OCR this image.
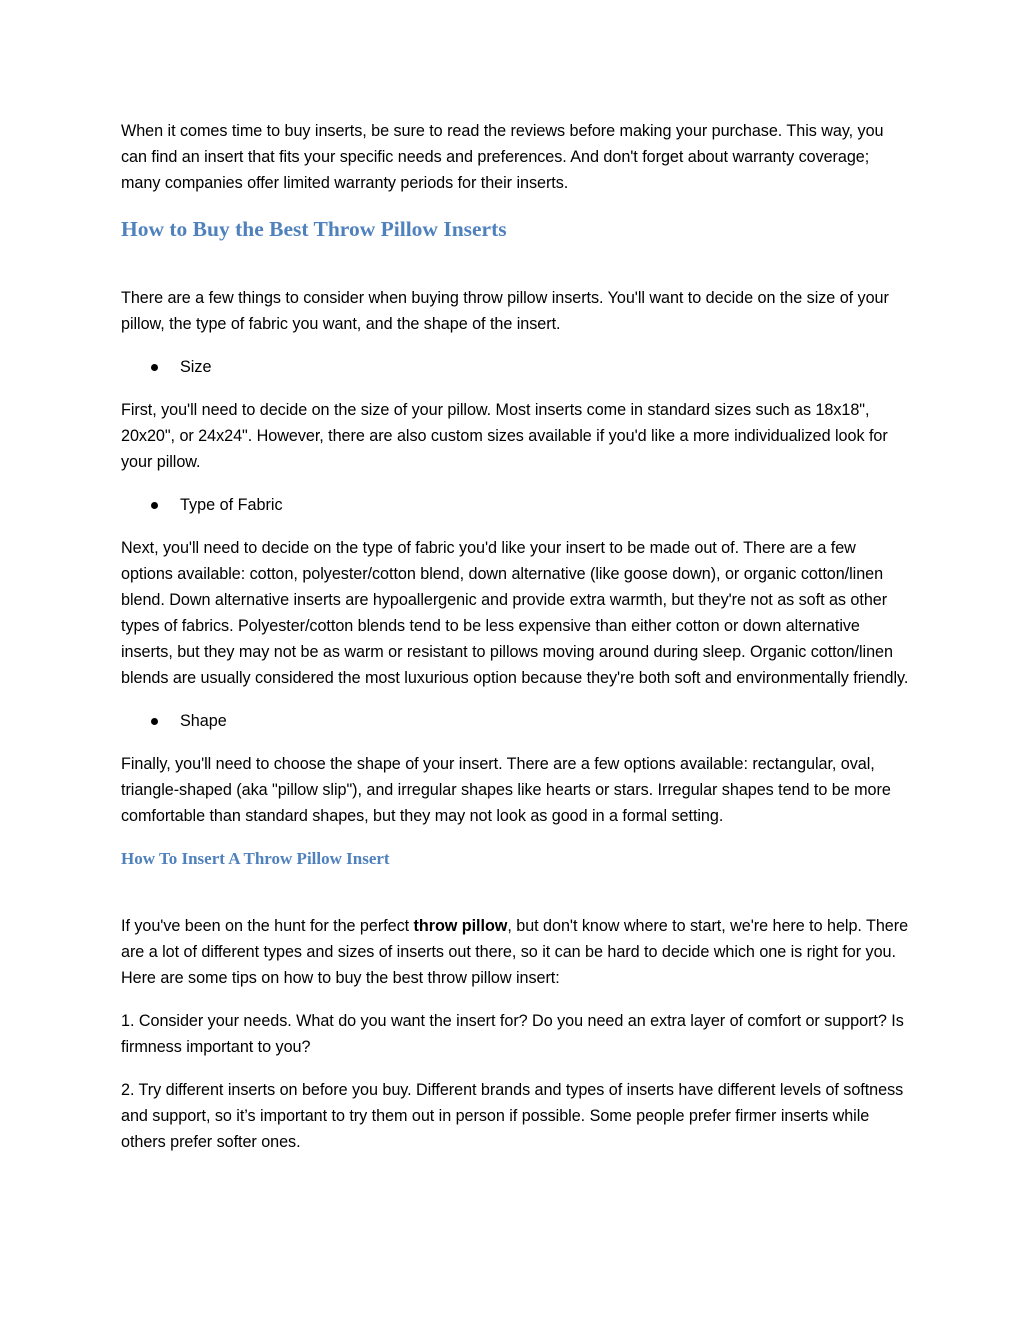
When it comes time to buy inserts, be sure to read the reviews before making your purchase. This way, you can find an insert that fits your specific needs and preferences. And don't forget about warranty coverage; many companies offer limited warranty periods for their inserts.

How to Buy the Best Throw Pillow Inserts

There are a few things to consider when buying throw pillow inserts. You'll want to decide on the size of your pillow, the type of fabric you want, and the shape of the insert.

Size

First, you'll need to decide on the size of your pillow. Most inserts come in standard sizes such as 18x18", 20x20", or 24x24". However, there are also custom sizes available if you'd like a more individualized look for your pillow.

Type of Fabric

Next, you'll need to decide on the type of fabric you'd like your insert to be made out of. There are a few options available: cotton, polyester/cotton blend, down alternative (like goose down), or organic cotton/linen blend. Down alternative inserts are hypoallergenic and provide extra warmth, but they're not as soft as other types of fabrics. Polyester/cotton blends tend to be less expensive than either cotton or down alternative inserts, but they may not be as warm or resistant to pillows moving around during sleep. Organic cotton/linen blends are usually considered the most luxurious option because they're both soft and environmentally friendly.

Shape

Finally, you'll need to choose the shape of your insert. There are a few options available: rectangular, oval, triangle-shaped (aka "pillow slip"), and irregular shapes like hearts or stars. Irregular shapes tend to be more comfortable than standard shapes, but they may not look as good in a formal setting.

How To Insert A Throw Pillow Insert

If you've been on the hunt for the perfect throw pillow, but don't know where to start, we're here to help. There are a lot of different types and sizes of inserts out there, so it can be hard to decide which one is right for you. Here are some tips on how to buy the best throw pillow insert:

1. Consider your needs. What do you want the insert for? Do you need an extra layer of comfort or support? Is firmness important to you?

2. Try different inserts on before you buy. Different brands and types of inserts have different levels of softness and support, so it’s important to try them out in person if possible. Some people prefer firmer inserts while others prefer softer ones.
